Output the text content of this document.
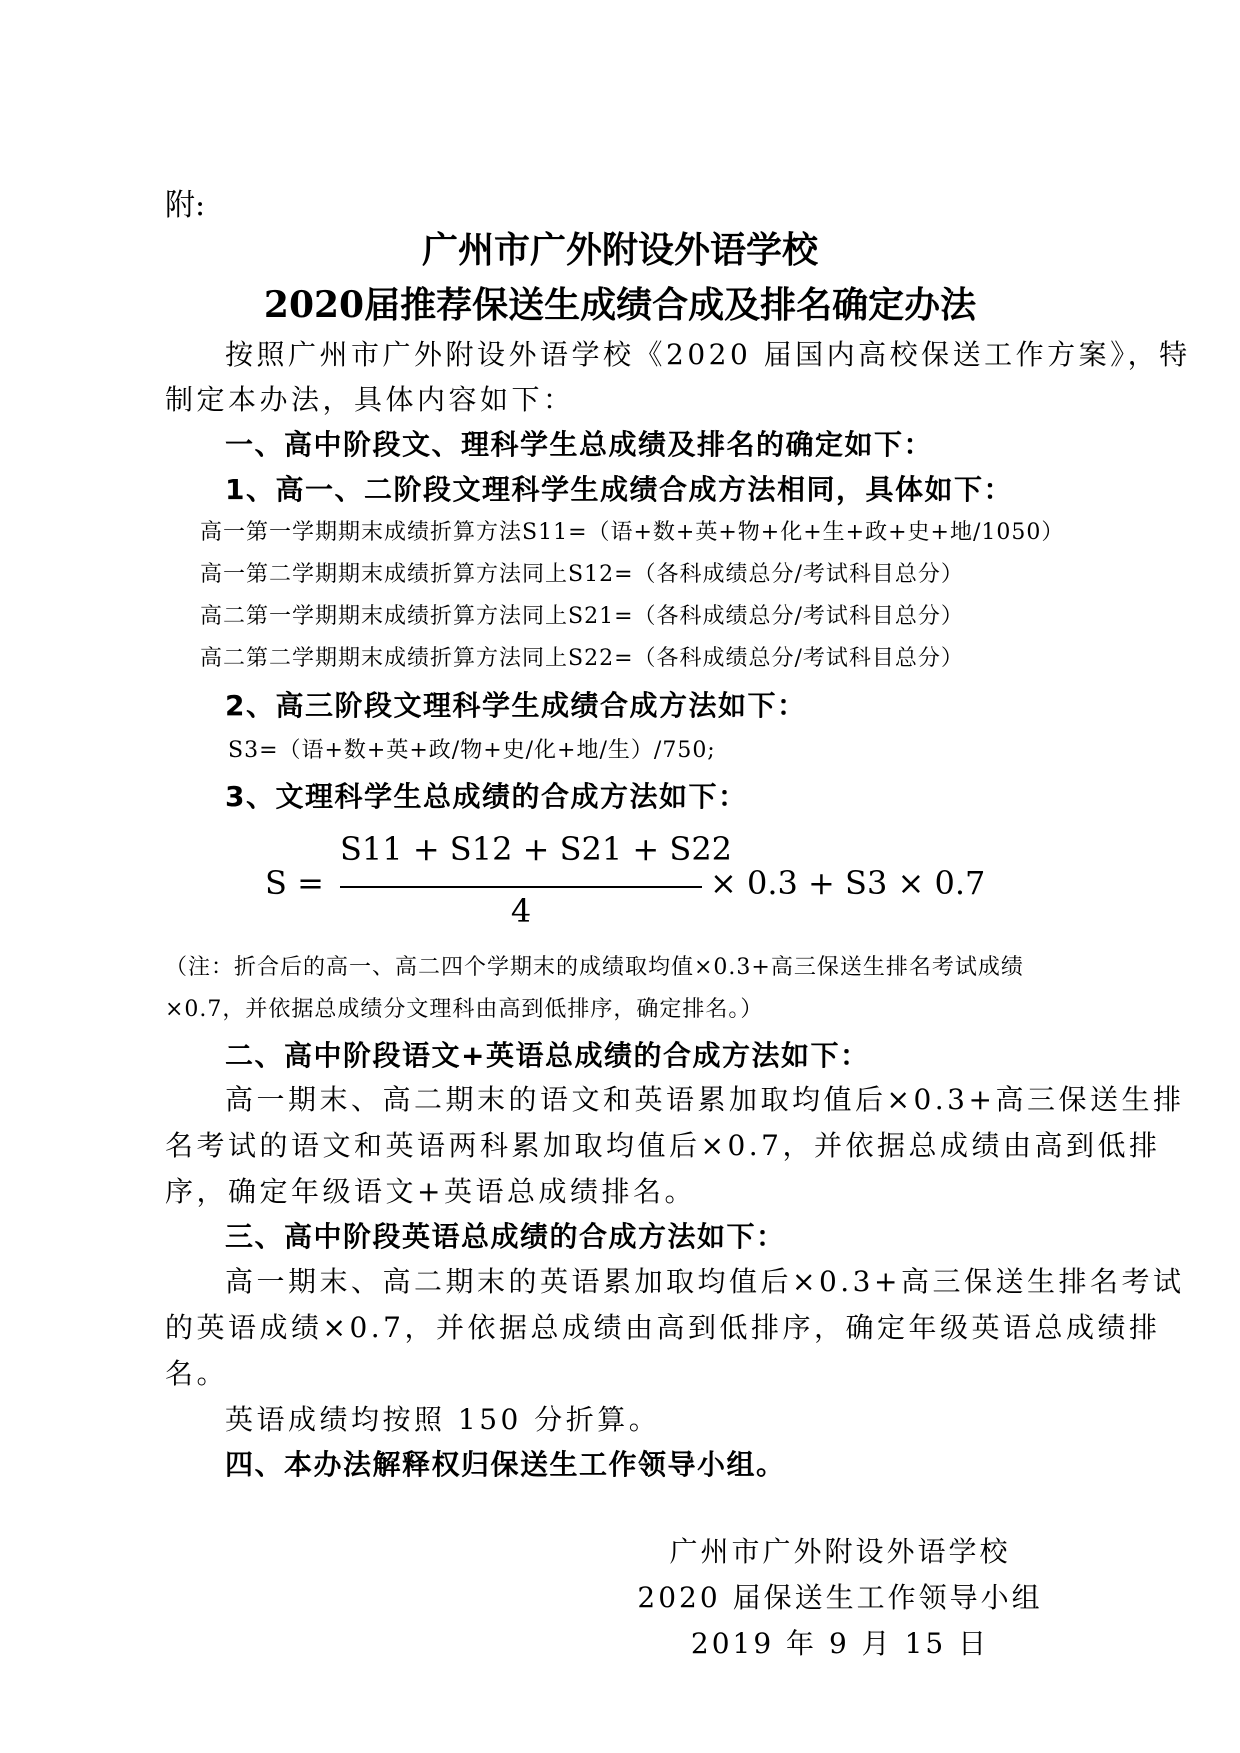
附:
广州市广外附设外语学校
2020届推荐保送生成绩合成及排名确定办法
按照广州市广外附设外语学校《2020 届国内高校保送工作方案》，特
制定本办法，具体内容如下：
一、高中阶段文、理科学生总成绩及排名的确定如下：
1、高一、二阶段文理科学生成绩合成方法相同，具体如下：
高一第一学期期末成绩折算方法S11=（语+数+英+物+化+生+政+史+地/1050）
高一第二学期期末成绩折算方法同上S12=（各科成绩总分/考试科目总分）
高二第一学期期末成绩折算方法同上S21=（各科成绩总分/考试科目总分）
高二第二学期期末成绩折算方法同上S22=（各科成绩总分/考试科目总分）
2、高三阶段文理科学生成绩合成方法如下：
S3=（语+数+英+政/物+史/化+地/生）/750;
3、文理科学生总成绩的合成方法如下：
S =
S11 + S12 + S21 + S22
4
× 0.3 + S3 × 0.7
（注：折合后的高一、高二四个学期末的成绩取均值×0.3+高三保送生排名考试成绩
×0.7，并依据总成绩分文理科由高到低排序，确定排名。）
二、高中阶段语文+英语总成绩的合成方法如下：
高一期末、高二期末的语文和英语累加取均值后×0.3+高三保送生排
名考试的语文和英语两科累加取均值后×0.7，并依据总成绩由高到低排
序，确定年级语文+英语总成绩排名。
三、高中阶段英语总成绩的合成方法如下：
高一期末、高二期末的英语累加取均值后×0.3+高三保送生排名考试
的英语成绩×0.7，并依据总成绩由高到低排序，确定年级英语总成绩排
名。
英语成绩均按照 150 分折算。
四、本办法解释权归保送生工作领导小组。
广州市广外附设外语学校
2020 届保送生工作领导小组
2019 年 9 月 15 日
